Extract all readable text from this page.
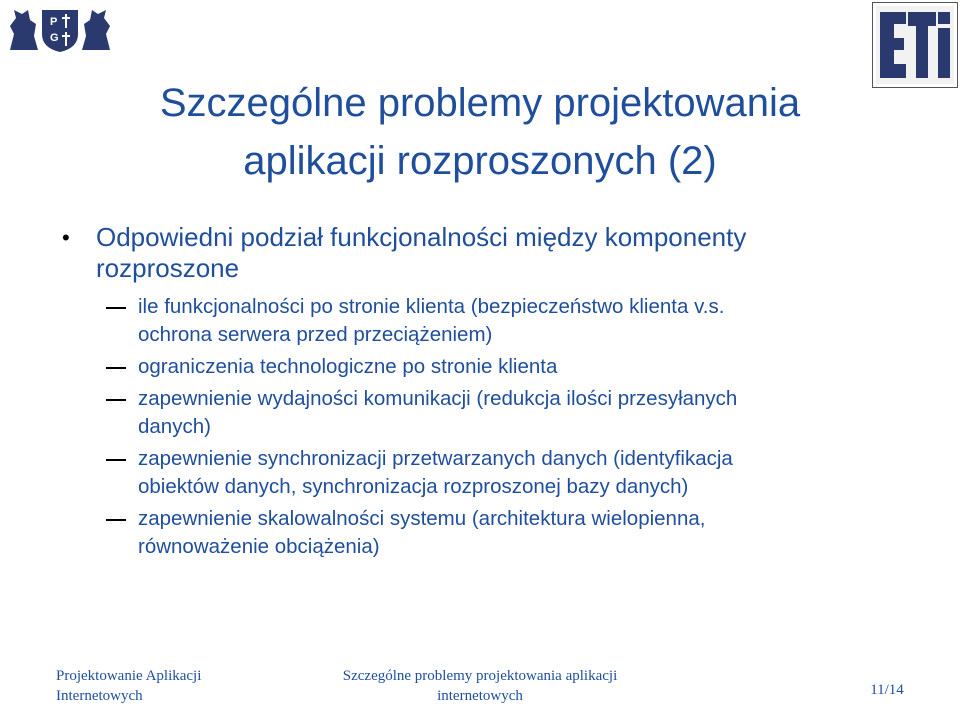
P
G
Szczególne problemy projektowania
aplikacji rozproszonych (2)
• Odpowiedni podział funkcjonalności między komponenty
rozproszone
ile funkcjonalności po stronie klienta (bezpieczeństwo klienta v.s.
ochrona serwera przed przeciążeniem)
ograniczenia technologiczne po stronie klienta
zapewnienie wydajności komunikacji (redukcja ilości przesyłanych
danych)
zapewnienie synchronizacji przetwarzanych danych (identyfikacja
obiektów danych, synchronizacja rozproszonej bazy danych)
zapewnienie skalowalności systemu (architektura wielopienna,
równoważenie obciążenia)
Projektowanie Aplikacji
Internetowych
Szczególne problemy projektowania aplikacji
internetowych	11/14
